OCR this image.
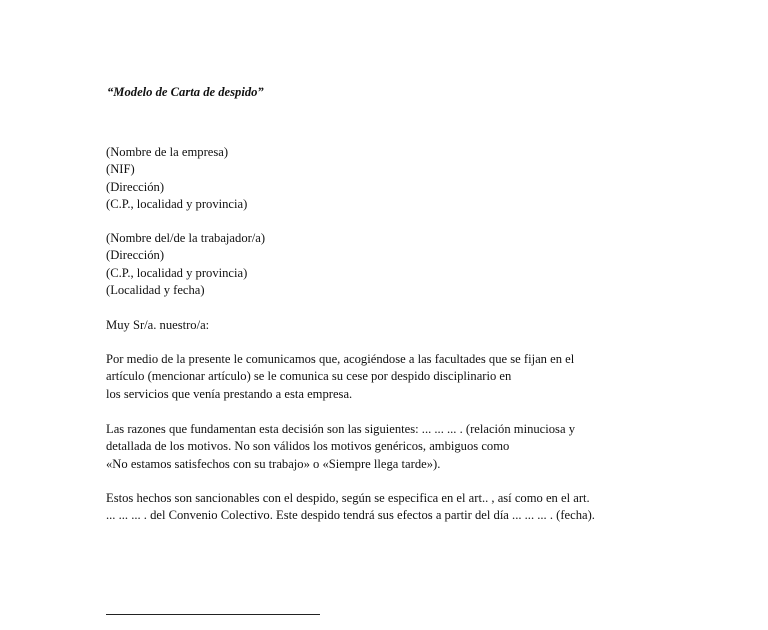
“Modelo de Carta de despido”
(Nombre de la empresa)
(NIF)
(Dirección)
(C.P., localidad y provincia)
(Nombre del/de la trabajador/a)
(Dirección)
(C.P., localidad y provincia)
(Localidad y fecha)
Muy Sr/a. nuestro/a:
Por medio de la presente le comunicamos que, acogiéndose a las facultades que se fijan en el
artículo (mencionar artículo) se le comunica su cese por despido disciplinario en
los servicios que venía prestando a esta empresa.
Las razones que fundamentan esta decisión son las siguientes: ... ... ... . (relación minuciosa y
detallada de los motivos. No son válidos los motivos genéricos, ambiguos como
«No estamos satisfechos con su trabajo» o «Siempre llega tarde»).
Estos hechos son sancionables con el despido, según se especifica en el art.. , así como en el art.
... ... ... . del Convenio Colectivo. Este despido tendrá sus efectos a partir del día ... ... ... . (fecha).
